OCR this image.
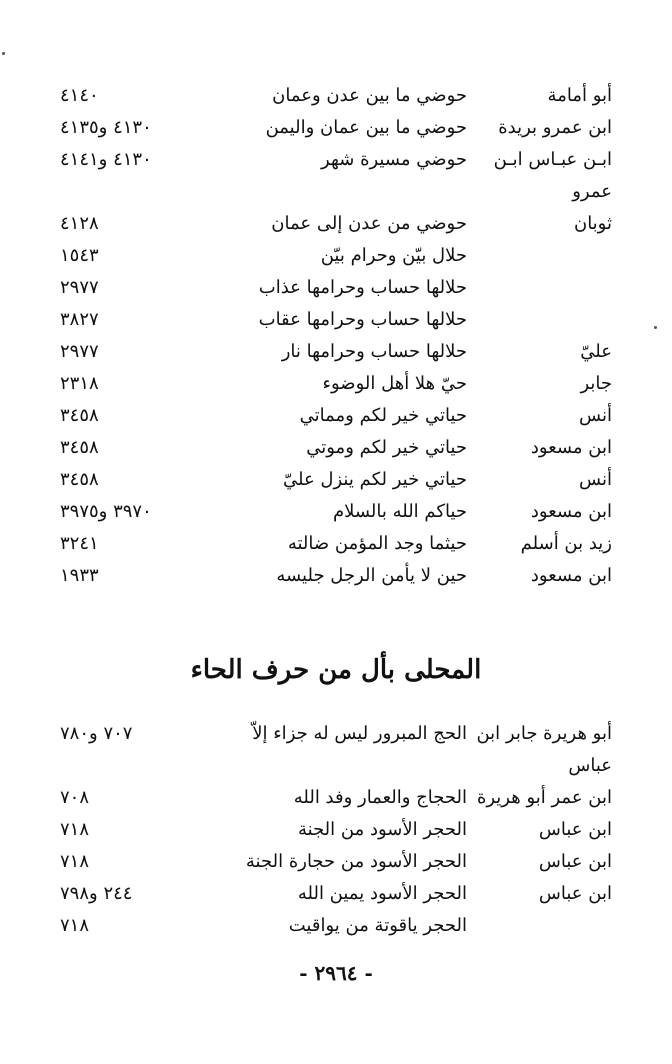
أبو أمامة
حوضي ما بين عدن وعمان
٤١٤٠
ابن عمرو بريدة
حوضي ما بين عمان واليمن
٤١٣٠ و٤١٣٥
ابـن عبـاس ابـن
حوضي مسيرة شهر
٤١٣٠ و٤١٤١
عمرو
ثوبان
حوضي من عدن إلى عمان
٤١٢٨
حلال بيّن وحرام بيّن
١٥٤٣
حلالها حساب وحرامها عذاب
٢٩٧٧
حلالها حساب وحرامها عقاب
٣٨٢٧
عليّ
حلالها حساب وحرامها نار
٢٩٧٧
جابر
حيّ هلا أهل الوضوء
٢٣١٨
أنس
حياتي خير لكم ومماتي
٣٤٥٨
ابن مسعود
حياتي خير لكم وموتي
٣٤٥٨
أنس
حياتي خير لكم ينزل عليّ
٣٤٥٨
ابن مسعود
حياكم الله بالسلام
٣٩٧٠ و٣٩٧٥
زيد بن أسلم
حيثما وجد المؤمن ضالته
٣٢٤١
ابن مسعود
حين لا يأمن الرجل جليسه
١٩٣٣
المحلى بأل من حرف الحاء
أبو هريرة جابر ابن
الحج المبرور ليس له جزاء إلاّ
٧٠٧ و٧٨٠
عباس
ابن عمر أبو هريرة
الحجاج والعمار وفد الله
٧٠٨
ابن عباس
الحجر الأسود من الجنة
٧١٨
ابن عباس
الحجر الأسود من حجارة الجنة
٧١٨
ابن عباس
الحجر الأسود يمين الله
٢٤٤ و٧٩٨
الحجر ياقوتة من يواقيت
٧١٨
- ٢٩٦٤ -
